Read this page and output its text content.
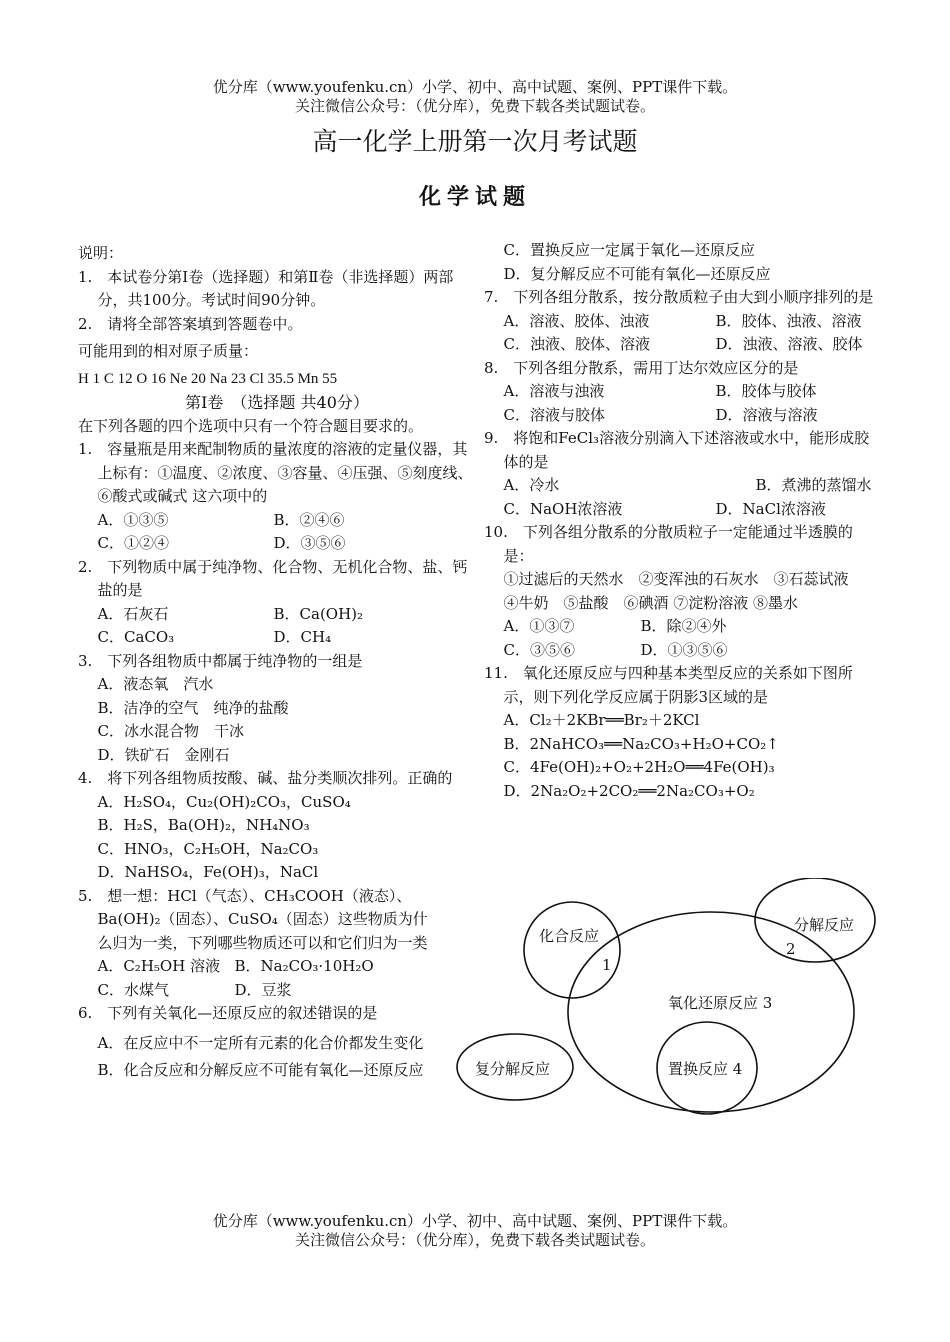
优分库（www.youfenku.cn）小学、初中、高中试题、案例、PPT课件下载。
关注微信公众号：（优分库），免费下载各类试题试卷。
高一化学上册第一次月考试题
化学试题

说明：

1.　本试卷分第Ⅰ卷（选择题）和第Ⅱ卷（非选择题）两部分，共100分。考试时间90分钟。

2.　请将全部答案填到答题卷中。

可能用到的相对原子质量：

H 1 C 12 O 16 Ne 20 Na 23 Cl 35.5 Mn 55

第Ⅰ卷　（选择题 共40分）

在下列各题的四个选项中只有一个符合题目要求的。

1.　容量瓶是用来配制物质的量浓度的溶液的定量仪器，其上标有：①温度、②浓度、③容量、④压强、⑤刻度线、⑥酸式或碱式 这六项中的

A．①③⑤	B．②④⑥
C．①②④	D．③⑤⑥

2.　下列物质中属于纯净物、化合物、无机化合物、盐、钙盐的是

A．石灰石	B．Ca(OH)₂
C．CaCO₃	D．CH₄

3.　下列各组物质中都属于纯净物的一组是

A．液态氧　汽水

B．洁净的空气　纯净的盐酸

C．冰水混合物　干冰

D．铁矿石　金刚石

4.　将下列各组物质按酸、碱、盐分类顺次排列。正确的

A．H₂SO₄，Cu₂(OH)₂CO₃，CuSO₄

B．H₂S，Ba(OH)₂，NH₄NO₃

C．HNO₃，C₂H₅OH，Na₂CO₃

D．NaHSO₄，Fe(OH)₃，NaCl

5.　想一想：HCl（气态）、CH₃COOH（液态）、Ba(OH)₂（固态）、CuSO₄（固态）这些物质为什么归为一类，下列哪些物质还可以和它们归为一类

A．C₂H₅OH 溶液 B．Na₂CO₃·10H₂O
C．水煤气	D．豆浆

6.　下列有关氧化—还原反应的叙述错误的是

A．在反应中不一定所有元素的化合价都发生变化

B．化合反应和分解反应不可能有氧化—还原反应

C．置换反应一定属于氧化—还原反应

D．复分解反应不可能有氧化—还原反应

7.　下列各组分散系，按分散质粒子由大到小顺序排列的是

A．溶液、胶体、浊液	B．胶体、浊液、溶液
C．浊液、胶体、溶液	D．浊液、溶液、胶体

8.　下列各组分散系，需用丁达尔效应区分的是

A．溶液与浊液	B．胶体与胶体
C．溶液与胶体	D．溶液与溶液

9.　将饱和FeCl₃溶液分别滴入下述溶液或水中，能形成胶体的是

A．冷水	B．煮沸的蒸馏水
C．NaOH浓溶液	D．NaCl浓溶液

10.　下列各组分散系的分散质粒子一定能通过半透膜的是：

①过滤后的天然水　②变浑浊的石灰水　③石蕊试液　④牛奶　⑤盐酸　⑥碘酒 ⑦淀粉溶液 ⑧墨水

A．①③⑦	B．除②④外
C．③⑤⑥	D．①③⑤⑥

11.　氧化还原反应与四种基本类型反应的关系如下图所示，则下列化学反应属于阴影3区域的是

A．Cl₂＋2KBr══Br₂＋2KCl

B．2NaHCO₃══Na₂CO₃+H₂O+CO₂↑

C．4Fe(OH)₂+O₂+2H₂O══4Fe(OH)₃

D．2Na₂O₂+2CO₂══2Na₂CO₃+O₂

化合反应
1
分解反应
2
氧化还原反应 3
复分解反应	置换反应 4
优分库（www.youfenku.cn）小学、初中、高中试题、案例、PPT课件下载。
关注微信公众号：（优分库），免费下载各类试题试卷。
